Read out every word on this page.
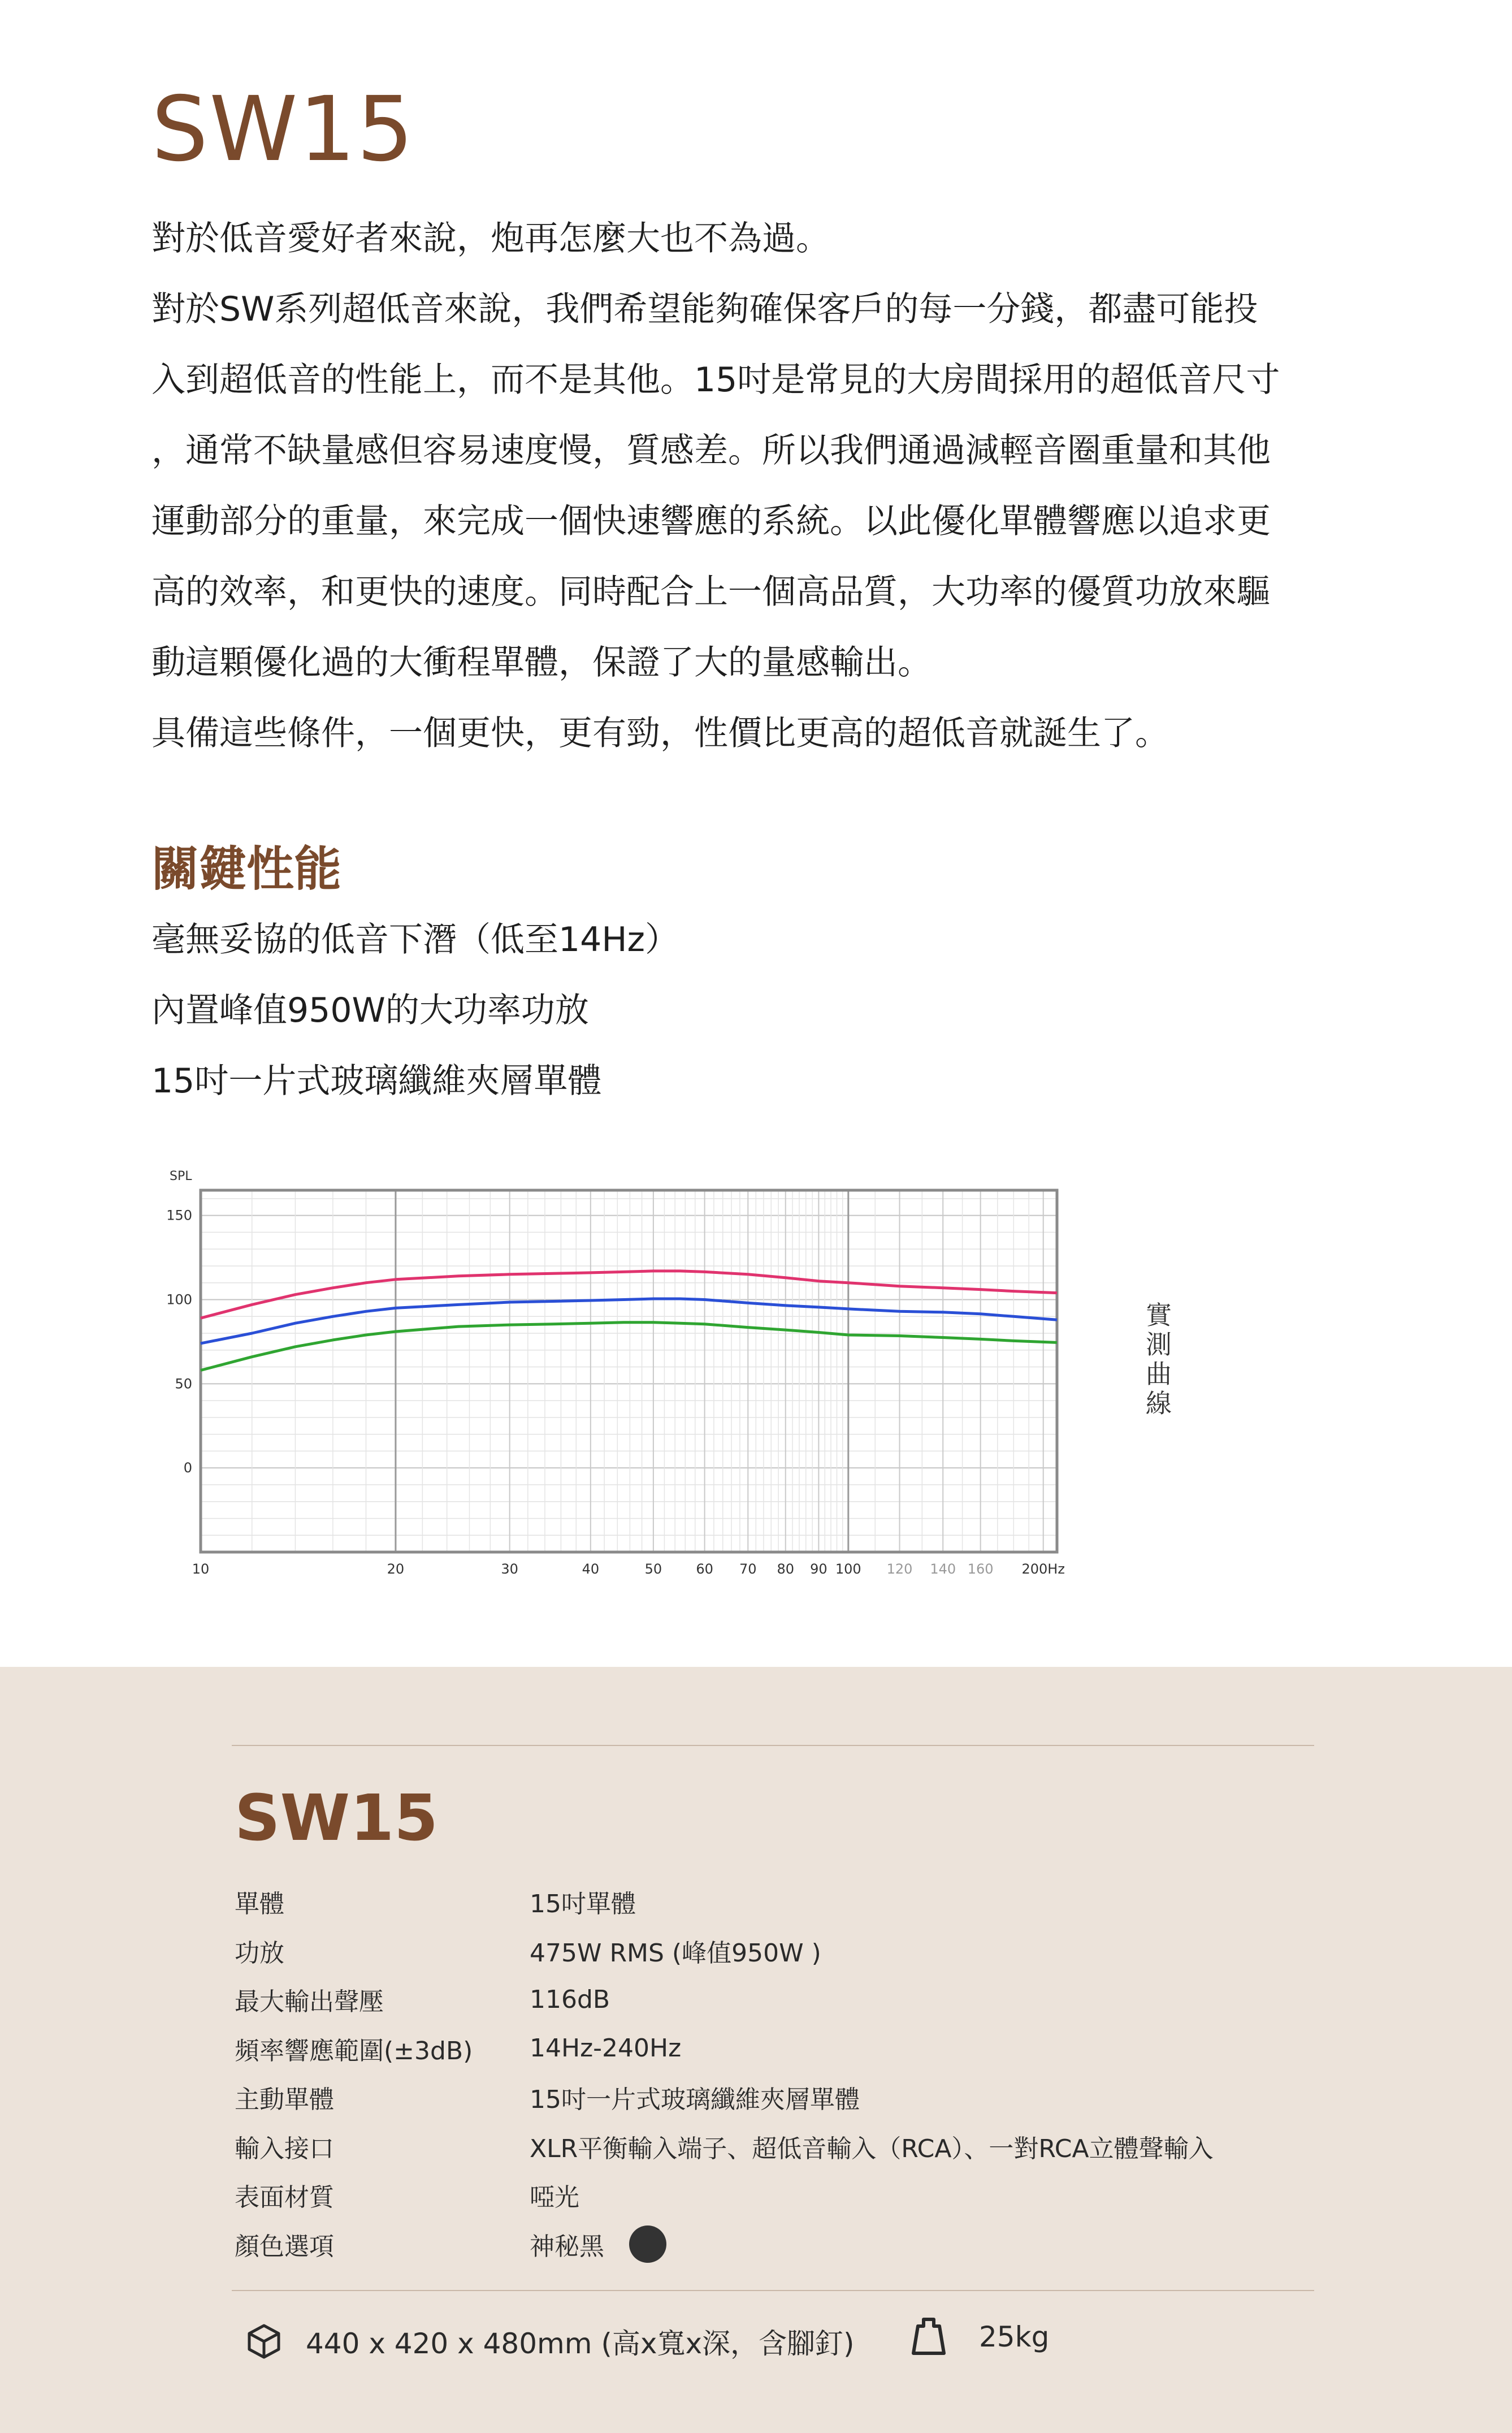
SW15

對於低音愛好者來說，炮再怎麼大也不為過。

對於SW系列超低音來說，我們希望能夠確保客戶的每一分錢，都盡可能投

入到超低音的性能上，而不是其他。15吋是常見的大房間採用的超低音尺寸

，通常不缺量感但容易速度慢，質感差。所以我們通過減輕音圈重量和其他

運動部分的重量，來完成一個快速響應的系統。以此優化單體響應以追求更

高的效率，和更快的速度。同時配合上一個高品質，大功率的優質功放來驅

動這顆優化過的大衝程單體，保證了大的量感輸出。

具備這些條件，一個更快，更有勁，性價比更高的超低音就誕生了。

關鍵性能
毫無妥協的低音下潛（低至14Hz）
內置峰值950W的大功率功放
15吋一片式玻璃纖維夾層單體
SPL
150
100
50
0
10	20	30	40	50	60 70 80 90 100 120 140 160 200Hz
實
測
曲
線
SW15
單體	15吋單體
功放	475W RMS (峰值950W )
最大輸出聲壓	116dB
頻率響應範圍(±3dB)	14Hz-240Hz
主動單體	15吋一片式玻璃纖維夾層單體
輸入接口	XLR平衡輸入端子、超低音輸入（RCA）、一對RCA立體聲輸入
表面材質	啞光
顏色選項	神秘黑
440 x 420 x 480mm (高x寬x深，含腳釘)	25kg
